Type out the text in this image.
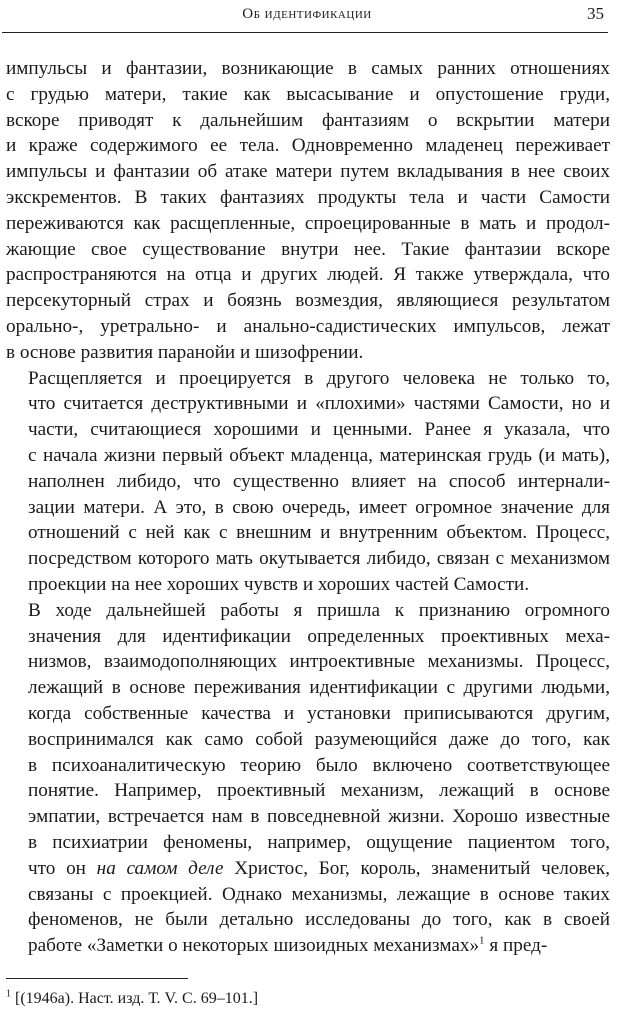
Об идентификации	35
импульсы и фантазии, возникающие в самых ранних отношениях
с грудью матери, такие как высасывание и опустошение груди,
вскоре приводят к дальнейшим фантазиям о вскрытии матери
и краже содержимого ее тела. Одновременно младенец переживает
импульсы и фантазии об атаке матери путем вкладывания в нее своих
экскрементов. В таких фантазиях продукты тела и части Самости
переживаются как расщепленные, спроецированные в мать и продол-
жающие свое существование внутри нее. Такие фантазии вскоре
распространяются на отца и других людей. Я также утверждала, что
персекуторный страх и боязнь возмездия, являющиеся результатом
орально-, уретрально- и анально-садистических импульсов, лежат
в основе развития паранойи и шизофрении.
Расщепляется и проецируется в другого человека не только то,
что считается деструктивными и «плохими» частями Самости, но и
части, считающиеся хорошими и ценными. Ранее я указала, что
с начала жизни первый объект младенца, материнская грудь (и мать),
наполнен либидо, что существенно влияет на способ интернали-
зации матери. А это, в свою очередь, имеет огромное значение для
отношений с ней как с внешним и внутренним объектом. Процесс,
посредством которого мать окутывается либидо, связан с механизмом
проекции на нее хороших чувств и хороших частей Самости.
В ходе дальнейшей работы я пришла к признанию огромного
значения для идентификации определенных проективных меха-
низмов, взаимодополняющих интроективные механизмы. Процесс,
лежащий в основе переживания идентификации с другими людьми,
когда собственные качества и установки приписываются другим,
воспринимался как само собой разумеющийся даже до того, как
в психоаналитическую теорию было включено соответствующее
понятие. Например, проективный механизм, лежащий в основе
эмпатии, встречается нам в повседневной жизни. Хорошо известные
в психиатрии феномены, например, ощущение пациентом того,
что он на самом деле Христос, Бог, король, знаменитый человек,
связаны с проекцией. Однако механизмы, лежащие в основе таких
феноменов, не были детально исследованы до того, как в своей
работе «Заметки о некоторых шизоидных механизмах»$^1$ я пред-
$^1$ [(1946a). Наст. изд. Т. V. С. 69–101.]
